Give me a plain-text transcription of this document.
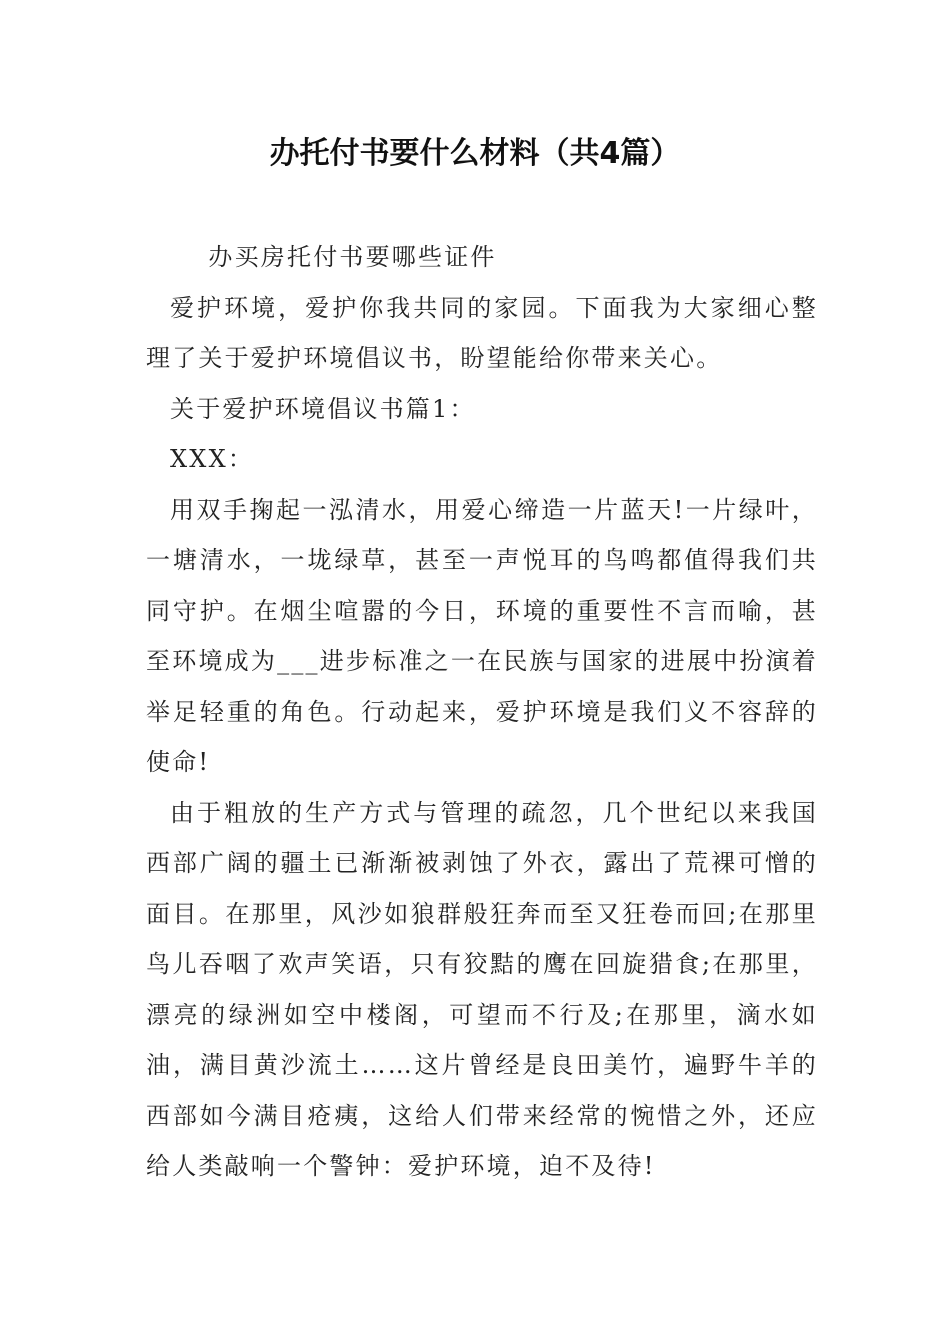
办托付书要什么材料（共4篇）

办买房托付书要哪些证件

爱护环境，爱护你我共同的家园。下面我为大家细心整理了关于爱护环境倡议书，盼望能给你带来关心。

关于爱护环境倡议书篇1：

XXX：

用双手掬起一泓清水，用爱心缔造一片蓝天!一片绿叶，一塘清水，一垅绿草，甚至一声悦耳的鸟鸣都值得我们共同守护。在烟尘喧嚣的今日，环境的重要性不言而喻，甚至环境成为___进步标准之一在民族与国家的进展中扮演着举足轻重的角色。行动起来，爱护环境是我们义不容辞的使命!

由于粗放的生产方式与管理的疏忽，几个世纪以来我国西部广阔的疆土已渐渐被剥蚀了外衣，露出了荒裸可憎的面目。在那里，风沙如狼群般狂奔而至又狂卷而回;在那里鸟儿吞咽了欢声笑语，只有狡黠的鹰在回旋猎食;在那里，漂亮的绿洲如空中楼阁，可望而不行及;在那里，滴水如油，满目黄沙流土……这片曾经是良田美竹，遍野牛羊的西部如今满目疮痍，这给人们带来经常的惋惜之外，还应给人类敲响一个警钟：爱护环境，迫不及待!
